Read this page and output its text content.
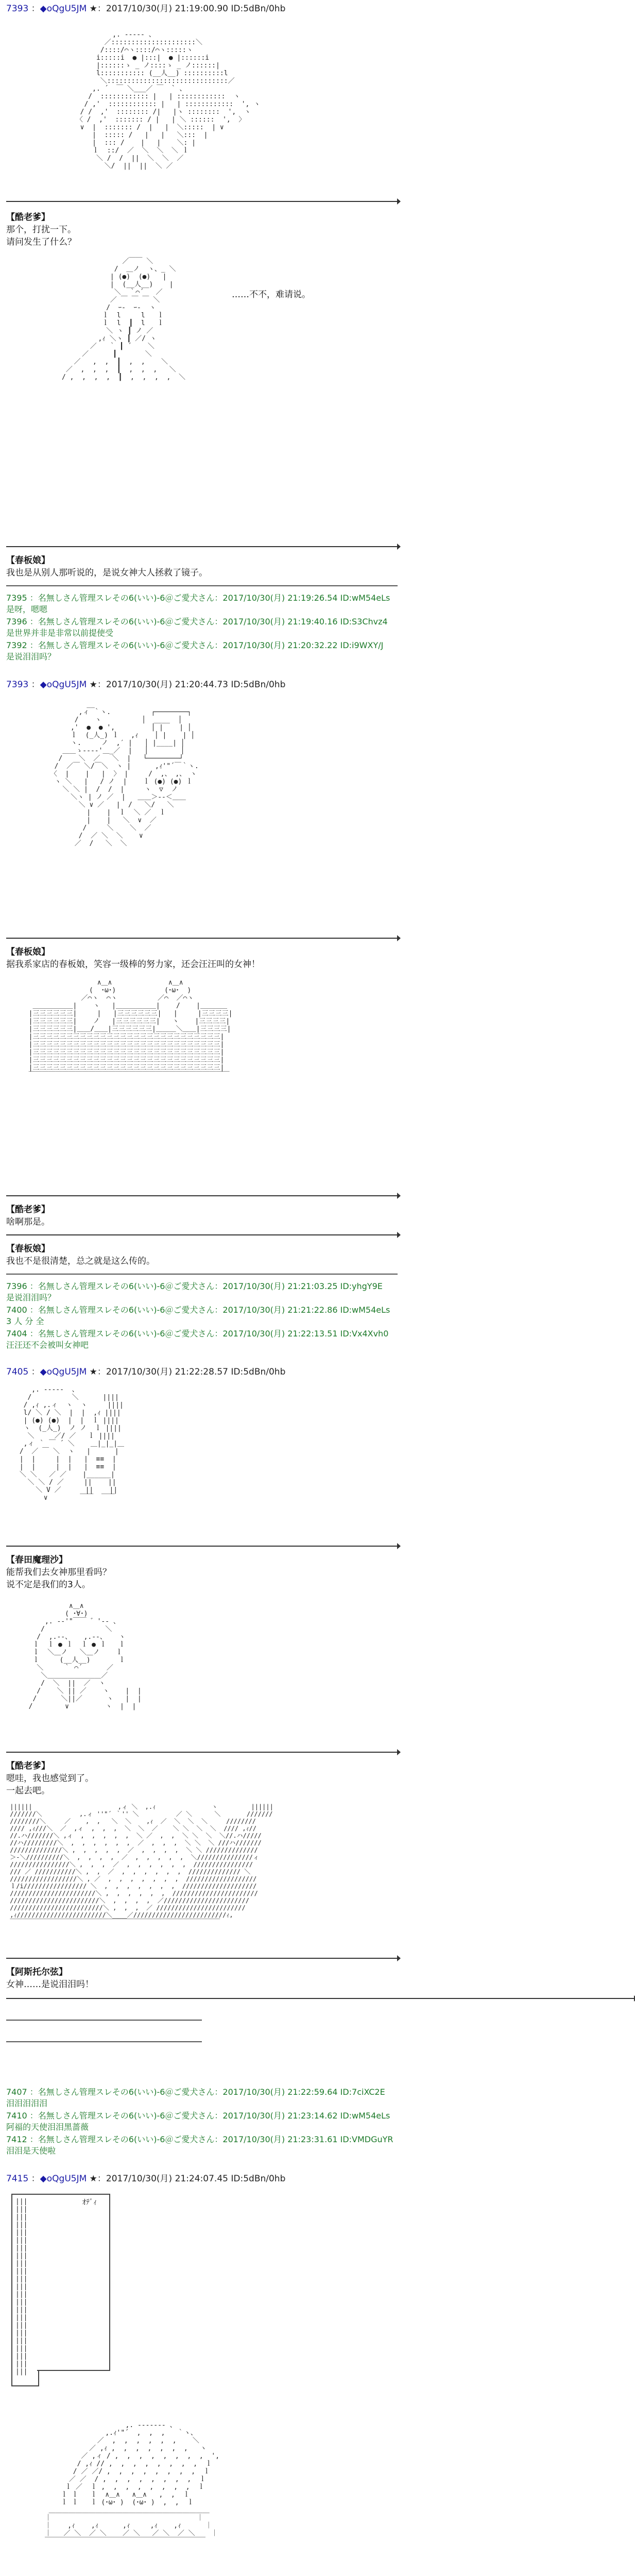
7393 ：◆oQgU5JM ★：2017/10/30(月) 21:19:00.90 ID:5dBn/0hb
,. -‐‐‐- 、
／:::::::::::::::::::::＼
/::::/⌒ヽ::::/⌒ヽ:::::ヽ
i:::::i  ● |:::|  ● |::::::i
|::::::ゝ _ ノ::::ゝ _ ノ::::::|
l::::::::::: (__人__) ::::::::::l
＼::::::::::::::::::::::::::::::／
,. ´  ￣ ＼___／ ￣  ` 、
/  :::::::::::: |   | ::::::::::::  ヽ
/ ,'  :::::::::::: |   | ::::::::::::  ', ヽ
/ /  ,'  :::::::: /|   |ヽ ::::::::  ',  ヽ
〈 /  ,'  ::::::: / |   | ＼ ::::::  ',  〉
∨  |  ::::::: /  |   |  ＼:::::  | ∨
|  ::::: /   |   |   ＼:::  |
|  ::: /    |   |    ＼: |
ｌ  ::/  ／  ＼  ＼  ＼ ｌ
＼ /  /  ||  ＼  ＼  ／
＼/  ||  ||  ＼ ／
【酷老爹】
那个，打扰一下。
请问发生了什么？
／￣￣ ＼
/  ＿ノ  ヽ、_ ＼
| (●)  (●)   |
|  (__人__)    |
＼  ｀⌒´   ／
／ ￣ ￣ ￣ ＼
/  ｰ‐  ｰ‐  ヽ
ｌ  l     l   ｌ
ｌ  l  ┃  l   ｌ
＼ ヽ ┃ ノ ／
,ｨ ＼ヽ ┃ ／/ ヽ
／   ｀ ┃ ´    ＼
／      ┃       ＼
／   ,  ,  ┃  ,  ,    ＼
／  ,  ,  ,  ┃  ,  ,  ,   ＼
/ ,  ,  ,  ,  ┃  ,  ,  ,  ,  ＼
……不不，难请说。
【春板娘】
我也是从别人那听说的，是说女神大人拯救了镜子。
7395 ：名無しさん管理スレその6(いい)-6＠ご愛犬さん：2017/10/30(月) 21:19:26.54 ID:wM54eLs
是呀，嗯嗯
7396 ：名無しさん管理スレその6(いい)-6＠ご愛犬さん：2017/10/30(月) 21:19:40.16 ID:S3Chvz4
是世界并非是非常以前提使受
7392 ：名無しさん管理スレその6(いい)-6＠ご愛犬さん：2017/10/30(月) 21:20:32.22 ID:i9WXY/J
是说泪泪吗？
7393 ：◆oQgU5JM ★：2017/10/30(月) 21:20:44.73 ID:5dBn/0hb
__
,ィ ｀ヽ.          ┌────────┐
/    ヽ          │  ____  │
,'  ●  ● ',         │ |    | │
ｌ  (_人_) ｌ   ,ｨ    │ |    | │
ヽ.     ノ  ,′ |   │ |____| │
＿＿ゝ---‐'＿_／  |   │        │
/    ＼  ／   ＼  |   └────────┘
/  ／￣ ＼/￣＼  ヽ |      ,ｨ'"´￣｀ヽ.
〈  |    |   |  〉 |     /  ,、 ,、 ヽ
ヽ ＼   |   / ノ  |    ｌ (●) (●) ｌ
＼ ＼ |  /  /  |     ヽ  ▽  ノ
＼ヽ | ノ ／  |   ＿＿＞--＜＿＿
＼ ∨ ／   |  /   ＼/   ＼
|    |  ｌ  ＼ ／  ｌ
|    |   ＼  ∨  ／
/     ＼    ＼  ／
/  ／ ＼  ＼    ∨
／  /   ＼  ＼
【春板娘】
据我系家店的春板娘，笑容一级棒的努力家，还会汪汪叫的女神！
∧＿∧              ∧＿∧
(  ･ω･)            (･ω･  )
／⌒ヽ  ⌒ヽ          ／⌒  ／⌒ヽ
＿＿＿＿＿＿|    ヽ   |＿＿＿＿＿＿|    /    |＿＿＿＿
|三三三三三三|     |   |三三三三三三|   |     |三三三三|
|三三三三三三|    ノ   |三三三三三三|   ヽ    |三三三三|
|三三三三三三|＿＿/＿＿|三三三三三三|＿＿＿＼＿＿|三三三三|
|三三三三三三三三三三三三三三三三三三三三三三三三三三三三|
|三三三三三三三三三三三三三三三三三三三三三三三三三三三三|
|三三三三三三三三三三三三三三三三三三三三三三三三三三三三|
|三三三三三三三三三三三三三三三三三三三三三三三三三三三三|
|三三三三三三三三三三三三三三三三三三三三三三三三三三三三|
￣￣￣￣￣￣￣￣￣￣￣￣￣￣￣￣￣￣￣￣￣￣￣￣￣￣￣￣￣￣
【酷老爹】
啥啊那是。
【春板娘】
我也不是很清楚，总之就是这么传的。
7396 ：名無しさん管理スレその6(いい)-6＠ご愛犬さん：2017/10/30(月) 21:21:03.25 ID:yhgY9E
是说泪泪吗？
7400 ：名無しさん管理スレその6(いい)-6＠ご愛犬さん：2017/10/30(月) 21:21:22.86 ID:wM54eLs
3 人 分 全
7404 ：名無しさん管理スレその6(いい)-6＠ご愛犬さん：2017/10/30(月) 21:22:13.51 ID:Vx4Xvh0
汪汪还不会被叫女神吧
7405 ：◆oQgU5JM ★：2017/10/30(月) 21:22:28.57 ID:5dBn/0hb
,. -‐‐‐-  、
/          ＼      ||||
/ ,ｨ ,.ィ  ヽ  ヽ     ||||
l/ ＼ / ＼  |  |  ,ｨ ||||
| (●) (●)  |  |  ｌ ||||
ヽ  (_人_)  ノ ノ  ｌ ||||
＼     ／/ ／   ｌ ||||
,ィ ｀ ￣ ´ ＼    ＿|_|_|＿
/  ／ ￣ ＼  ヽ   |      |
|  |     |  |   |  ≡≡  |
|  |     |  |   |  ≡≡  |
＼ ＼   ／ ／    |______|
＼ ＼ / ／     ||    ||
＼ V ／      ||    ||
∨        ￣￣  ￣￣
【春田魔理沙】
能帮我们去女神那里看吗？
说不定是我们的3人。
∧＿∧
( ･∀･)
,. -‐'"￣￣ ゛'‐- 、
/               ＼
/  ,.-‐、   ,.-‐、   ヽ
ｌ  ｌ ● ｌ  ｌ ● ｌ   ｌ
ｌ  ＼＿ノ   ＼＿ノ    ｌ
ｌ     (__人__)       ｌ
＼     ｀ ⌒´      ／
＼＿＿＿＿＿＿＿＿／
/  ＼  ||  ／  ヽ
/    ＼ || ／    ヽ    |  |
/      ＼||／      ヽ   |  |
/        ∨         ヽ  |  |
【酷老爹】
嗯哇，我也感觉到了。
一起去吧。
||||||                       ,ィ ＼  ,.ｨ               ヽ         ||||||
///////＼          ,.ィ ''"´ ｀'' ＼          ／ ＼      ＼       ///////
////////＼     ／    ,  ,   ＼  ＼    ,ｨ  ／  ＼  ＼  ＼     ////////
//// ,ｨ///＼  ／  ,ィ  ,  ,  ,  ＼  ＼  ／    ＼ ＼  ＼  ＼  //// ,ｨ//
//.ハ///////＼ ,ィ  ,  ,  ,  ,  ,  ＼ ／  ,  ,  ＼ ＼  ＼  ＼//.ハ/////
//ハ/////////＼  ,  ,  ,  ,  ,  ,  ／  ,  ,  ,  ＼ ＼  ＼ ///ハ///////
//////////////＼ ,  ,  ,  ,  ,  ／  ,  ,  ,  ,  ＼ ＼ //////////////
＞-＼//////////＼  ,  ,  ,  ,  ／  ,  ,  ,  ,  ,  ＼///////////////ィ
////////////////＼ ,  ,  ,  ／  ,  ,  ,  ,  ,  ,  ////////////////
/// ／ ///////////＼ ,  ,  ／  ,  ,  ,  ,  ,  ,  ////////////// ＼
//////////////////＼ , ／  ,  ,  ,  ,  ,  ,  ,  ///////////////////
ｌ/i///////////////// ＼  ,  ,  ,  ,  ,  ,  ,  ////////////////////
///////////////////////＼ ,  ,  ,  ,  ,  ,  ///////////////////////
////////////////////////＼  ,  ,  ,  ,  ／///////////////////////
/////////////////////////＼ ,  ,  ,  ／ ////////////////////////
,ｨ////////////////////////＼____／/////////////////////////ｨ,
￣￣￣￣￣￣￣￣￣￣￣￣￣￣￣￣￣￣￣￣￣￣￣￣￣￣￣￣￣￣￣￣￣￣
【阿斯托尔弦】
女神……是说泪泪吗！
7407 ：名無しさん管理スレその6(いい)-6＠ご愛犬さん：2017/10/30(月) 21:22:59.64 ID:7ciXC2E
泪泪泪泪泪
7410 ：名無しさん管理スレその6(いい)-6＠ご愛犬さん：2017/10/30(月) 21:23:14.62 ID:wM54eLs
阿福的天使泪泪黑蔷薇
7412 ：名無しさん管理スレその6(いい)-6＠ご愛犬さん：2017/10/30(月) 21:23:31.61 ID:VMDGuYR
泪泪是天使啦
7415 ：◆oQgU5JM ★：2017/10/30(月) 21:24:07.45 ID:5dBn/0hb
|||
|||
|||
|||
|||
|||
|||
|||
|||
|||
|||
|||
|||
|||
|||
|||
|||
|||
|||
|||
|||
|||
|||
ｵﾃﾞｨ
,. -‐‐‐‐‐- 、
,.ｨ'"´  ,  ,  ,   ｀ヽ、
／  ,  ,  ,  ,  ,  ,    ＼
／ ,ｨ ,  ,  ,  ,  ,  ,  ,   ヽ
／ ,ィ / ,  ,  ,  ,  ,  ,  ,  ,  ',
/ ,ｨ // ,  ,  ,  ,  ,  ,  ,  ,  ｌ
/ ／ ／/ ,  ,  ,  ,  ,  ,  ,  ,  ｌ
／ ／  / ,  ,  ,  ,  ,  ,  ,  ,  ｌ
ｌ ／  ｌ ,  ,  ,  ,  ,  ,  ,  ,  ｌ
ｌ ｌ   ｌ  ∧＿∧   ∧＿∧   ,  ,  ｌ
ｌ ｌ   ｌ (･ω･ )  (･ω･ )  ,  ,  ｌ
＿＿＿＿＿＿＿＿＿＿＿＿＿＿＿＿＿＿＿＿＿＿＿＿
｜                                    ｜
｜    ,ｨ    ,ｨ      ,ｨ     ,ｨ    ,ｨ      ｜
｜   ／ ＼  ／ ＼    ／ ＼   ／ ＼  ／ ＼    ｜
￣￣￣￣￣￣￣￣￣￣￣￣￣￣￣￣￣￣￣￣￣￣￣￣
